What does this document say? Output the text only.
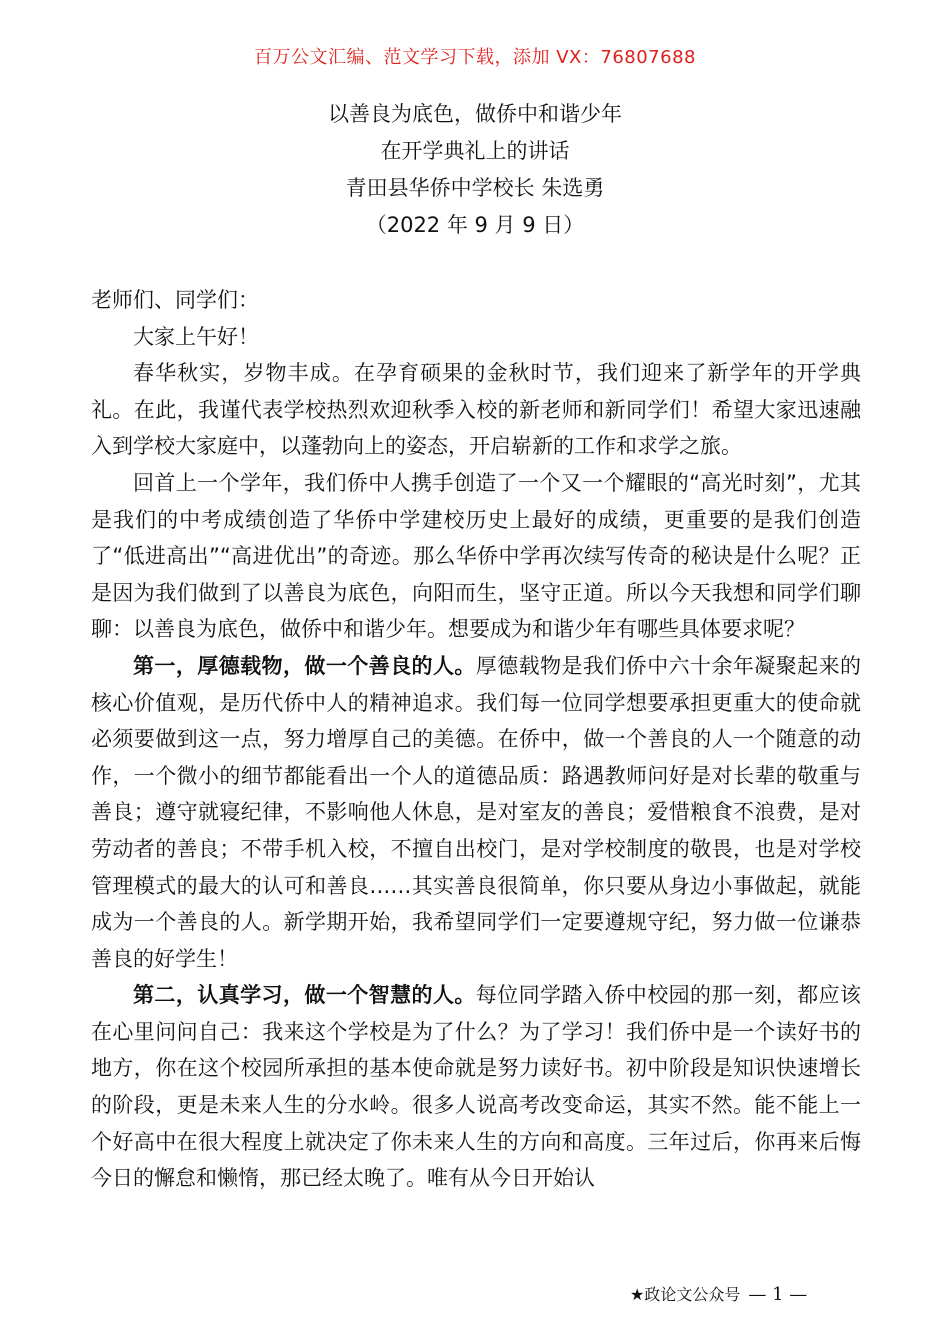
百万公文汇编、范文学习下载，添加 VX：76807688
以善良为底色，做侨中和谐少年
在开学典礼上的讲话
青田县华侨中学校长 朱选勇
（2022 年 9 月 9 日）

老师们、同学们：

大家上午好！

春华秋实，岁物丰成。在孕育硕果的金秋时节，我们迎来了新学年的开学典礼。在此，我谨代表学校热烈欢迎秋季入校的新老师和新同学们！希望大家迅速融入到学校大家庭中，以蓬勃向上的姿态，开启崭新的工作和求学之旅。

回首上一个学年，我们侨中人携手创造了一个又一个耀眼的“高光时刻”，尤其是我们的中考成绩创造了华侨中学建校历史上最好的成绩，更重要的是我们创造了“低进高出”“高进优出”的奇迹。那么华侨中学再次续写传奇的秘诀是什么呢？正是因为我们做到了以善良为底色，向阳而生，坚守正道。所以今天我想和同学们聊聊：以善良为底色，做侨中和谐少年。想要成为和谐少年有哪些具体要求呢？

第一，厚德载物，做一个善良的人。厚德载物是我们侨中六十余年凝聚起来的核心价值观，是历代侨中人的精神追求。我们每一位同学想要承担更重大的使命就必须要做到这一点，努力增厚自己的美德。在侨中，做一个善良的人一个随意的动作，一个微小的细节都能看出一个人的道德品质：路遇教师问好是对长辈的敬重与善良；遵守就寝纪律，不影响他人休息，是对室友的善良；爱惜粮食不浪费，是对劳动者的善良；不带手机入校，不擅自出校门，是对学校制度的敬畏，也是对学校管理模式的最大的认可和善良……其实善良很简单，你只要从身边小事做起，就能成为一个善良的人。新学期开始，我希望同学们一定要遵规守纪，努力做一位谦恭善良的好学生！

第二，认真学习，做一个智慧的人。每位同学踏入侨中校园的那一刻，都应该在心里问问自己：我来这个学校是为了什么？为了学习！我们侨中是一个读好书的地方，你在这个校园所承担的基本使命就是努力读好书。初中阶段是知识快速增长的阶段，更是未来人生的分水岭。很多人说高考改变命运，其实不然。能不能上一个好高中在很大程度上就决定了你未来人生的方向和高度。三年过后，你再来后悔今日的懈怠和懒惰，那已经太晚了。唯有从今日开始认

★政论文公众号 — 1 —
